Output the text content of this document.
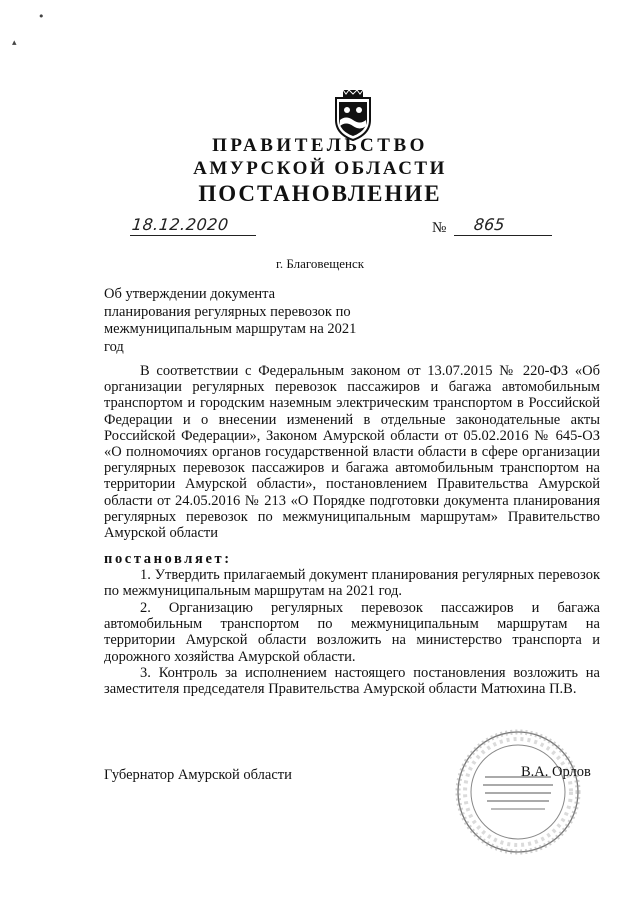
•
▴
ПРАВИТЕЛЬСТВО
АМУРСКОЙ ОБЛАСТИ
ПОСТАНОВЛЕНИЕ
18.12.2020	№ 865
г. Благовещенск
Об утверждении документа планирования регулярных перевозок по межмуниципальным маршрутам на 2021 год
В соответствии с Федеральным законом от 13.07.2015 № 220-ФЗ «Об организации регулярных перевозок пассажиров и багажа автомобильным транспортом и городским наземным электрическим транспортом в Российской Федерации и о внесении изменений в отдельные законодательные акты Российской Федерации», Законом Амурской области от 05.02.2016 № 645-ОЗ «О полномочиях органов государственной власти области в сфере организации регулярных перевозок пассажиров и багажа автомобильным транспортом на территории Амурской области», постановлением Правительства Амурской области от 24.05.2016 № 213 «О Порядке подготовки документа планирования регулярных перевозок по межмуниципальным маршрутам» Правительство Амурской области
постановляет:
1. Утвердить прилагаемый документ планирования регулярных перевозок по межмуниципальным маршрутам на 2021 год.
2. Организацию регулярных перевозок пассажиров и багажа автомобильным транспортом по межмуниципальным маршрутам на территории Амурской области возложить на министерство транспорта и дорожного хозяйства Амурской области.
3. Контроль за исполнением настоящего постановления возложить на заместителя председателя Правительства Амурской области Матюхина П.В.
Губернатор Амурской области	В.А. Орлов
